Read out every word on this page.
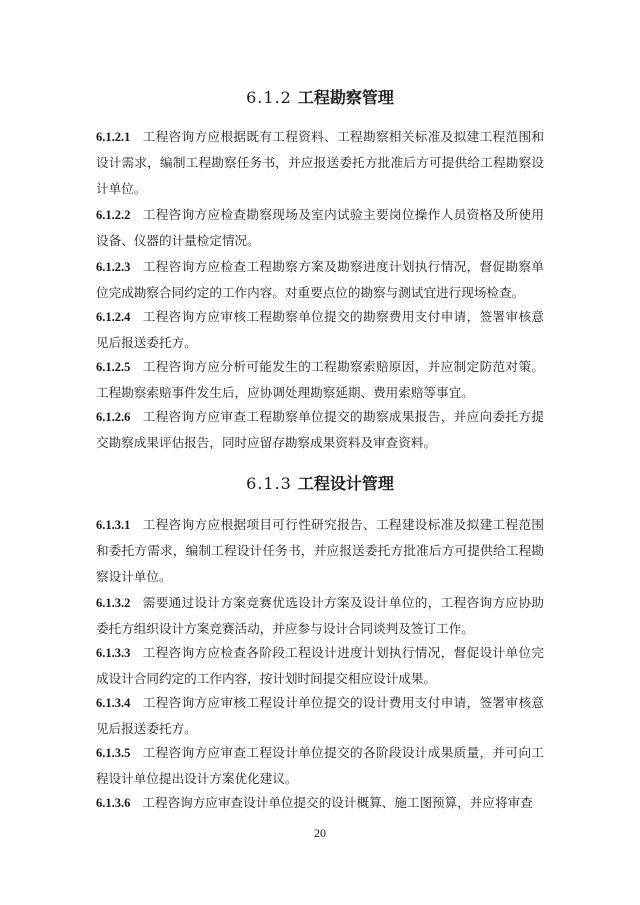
6.1.2 工程勘察管理

6.1.2.1 工程咨询方应根据既有工程资料、工程勘察相关标准及拟建工程范围和设计需求，编制工程勘察任务书，并应报送委托方批准后方可提供给工程勘察设计单位。

6.1.2.2 工程咨询方应检查勘察现场及室内试验主要岗位操作人员资格及所使用设备、仪器的计量检定情况。

6.1.2.3 工程咨询方应检查工程勘察方案及勘察进度计划执行情况，督促勘察单位完成勘察合同约定的工作内容。对重要点位的勘察与测试宜进行现场检查。

6.1.2.4 工程咨询方应审核工程勘察单位提交的勘察费用支付申请，签署审核意见后报送委托方。

6.1.2.5 工程咨询方应分析可能发生的工程勘察索赔原因，并应制定防范对策。工程勘察索赔事件发生后，应协调处理勘察延期、费用索赔等事宜。

6.1.2.6 工程咨询方应审查工程勘察单位提交的勘察成果报告，并应向委托方提交勘察成果评估报告，同时应留存勘察成果资料及审查资料。

6.1.3 工程设计管理

6.1.3.1 工程咨询方应根据项目可行性研究报告、工程建设标准及拟建工程范围和委托方需求，编制工程设计任务书，并应报送委托方批准后方可提供给工程勘察设计单位。

6.1.3.2 需要通过设计方案竞赛优选设计方案及设计单位的，工程咨询方应协助委托方组织设计方案竞赛活动，并应参与设计合同谈判及签订工作。

6.1.3.3 工程咨询方应检查各阶段工程设计进度计划执行情况，督促设计单位完成设计合同约定的工作内容，按计划时间提交相应设计成果。

6.1.3.4 工程咨询方应审核工程设计单位提交的设计费用支付申请，签署审核意见后报送委托方。

6.1.3.5 工程咨询方应审查工程设计单位提交的各阶段设计成果质量，并可向工程设计单位提出设计方案优化建议。

6.1.3.6 工程咨询方应审查设计单位提交的设计概算、施工图预算，并应将审查

20
